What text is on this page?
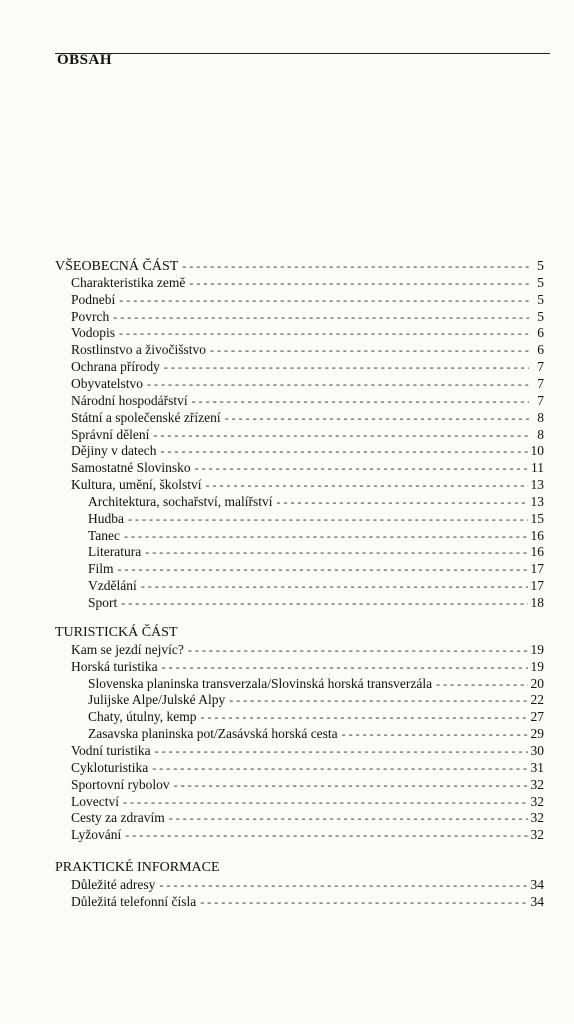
OBSAH
VŠEOBECNÁ ČÁST - - -	5
Charakteristika země - - -	5
Podnebí - - -	5
Povrch - - -	5
Vodopis - - -	6
Rostlinstvo a živočišstvo - - -	6
Ochrana přírody - - -	7
Obyvatelstvo - - -	7
Národní hospodářství - - -	7
Státní a společenské zřízení - - -	8
Správní dělení - - -	8
Dějiny v datech - - -	10
Samostatné Slovinsko - - -	11
Kultura, umění, školství - - -	13
Architektura, sochařství, malířství - - -	13
Hudba - - -	15
Tanec - - -	16
Literatura - - -	16
Film - - -	17
Vzdělání - - -	17
Sport - - -	18
TURISTICKÁ ČÁST
Kam se jezdí nejvíc? - - -	19
Horská turistika - - -	19
Slovenska planinska transverzala/Slovinská horská transverzála - - -	20
Julijske Alpe/Julské Alpy - - -	22
Chaty, útulny, kemp - - -	27
Zasavska planinska pot/Zasávská horská cesta - - -	29
Vodní turistika - - -	30
Cykloturistika - - -	31
Sportovní rybolov - - -	32
Lovectví - - -	32
Cesty za zdravím - - -	32
Lyžování - - -	32
PRAKTICKÉ INFORMACE
Důležité adresy - - -	34
Důležitá telefonní čísla - - -	34
